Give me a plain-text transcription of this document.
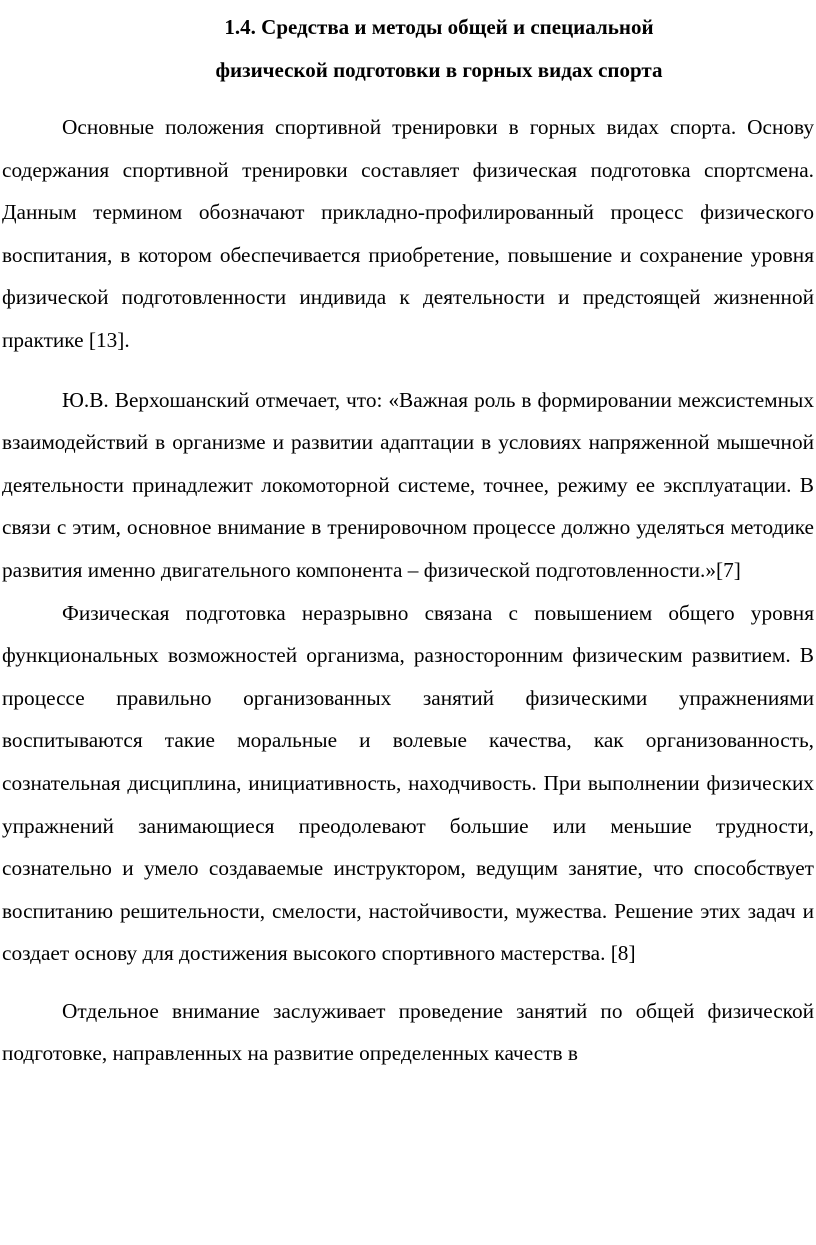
1.4. Средства и методы общей и специальной
физической подготовки в горных видах спорта

Основные положения спортивной тренировки в горных видах спорта. Основу содержания спортивной тренировки составляет физическая подготовка спортсмена. Данным термином обозначают прикладно-профилированный процесс физического воспитания, в котором обеспечивается приобретение, повышение и сохранение уровня физической подготовленности индивида к деятельности и предстоящей жизненной практике [13].

Ю.В. Верхошанский отмечает, что: «Важная роль в формировании межсистемных взаимодействий в организме и развитии адаптации в условиях напряженной мышечной деятельности принадлежит локомоторной системе, точнее, режиму ее эксплуатации. В связи с этим, основное внимание в тренировочном процессе должно уделяться методике развития именно двигательного компонента – физической подготовленности.»[7]

Физическая подготовка неразрывно связана с повышением общего уровня функциональных возможностей организма, разносторонним физическим развитием. В процессе правильно организованных занятий физическими упражнениями воспитываются такие моральные и волевые качества, как организованность, сознательная дисциплина, инициативность, находчивость. При выполнении физических упражнений занимающиеся преодолевают большие или меньшие трудности, сознательно и умело создаваемые инструктором, ведущим занятие, что способствует воспитанию решительности, смелости, настойчивости, мужества. Решение этих задач и создает основу для достижения высокого спортивного мастерства. [8]

Отдельное внимание заслуживает проведение занятий по общей физической подготовке, направленных на развитие определенных качеств в
